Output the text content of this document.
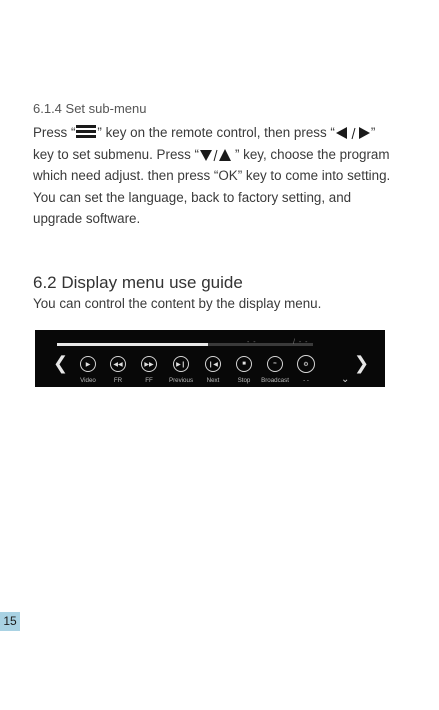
6.1.4 Set sub-menu
Press “ ” key on the remote control, then press “	”
key to set submenu. Press “	” key, choose the program
which need adjust. then press “OK” key to come into setting.
You can set the language, back to factory setting, and
upgrade software.
6.2 Display menu use guide
You can control the content by the display menu.
- -	/ - -
❮	❯
⌄
▶	◀◀	▶▶	▶❙	❙◀	■	≈	⚙
Video	FR	FF	Previous Next	Stop Broadcast - -
15
